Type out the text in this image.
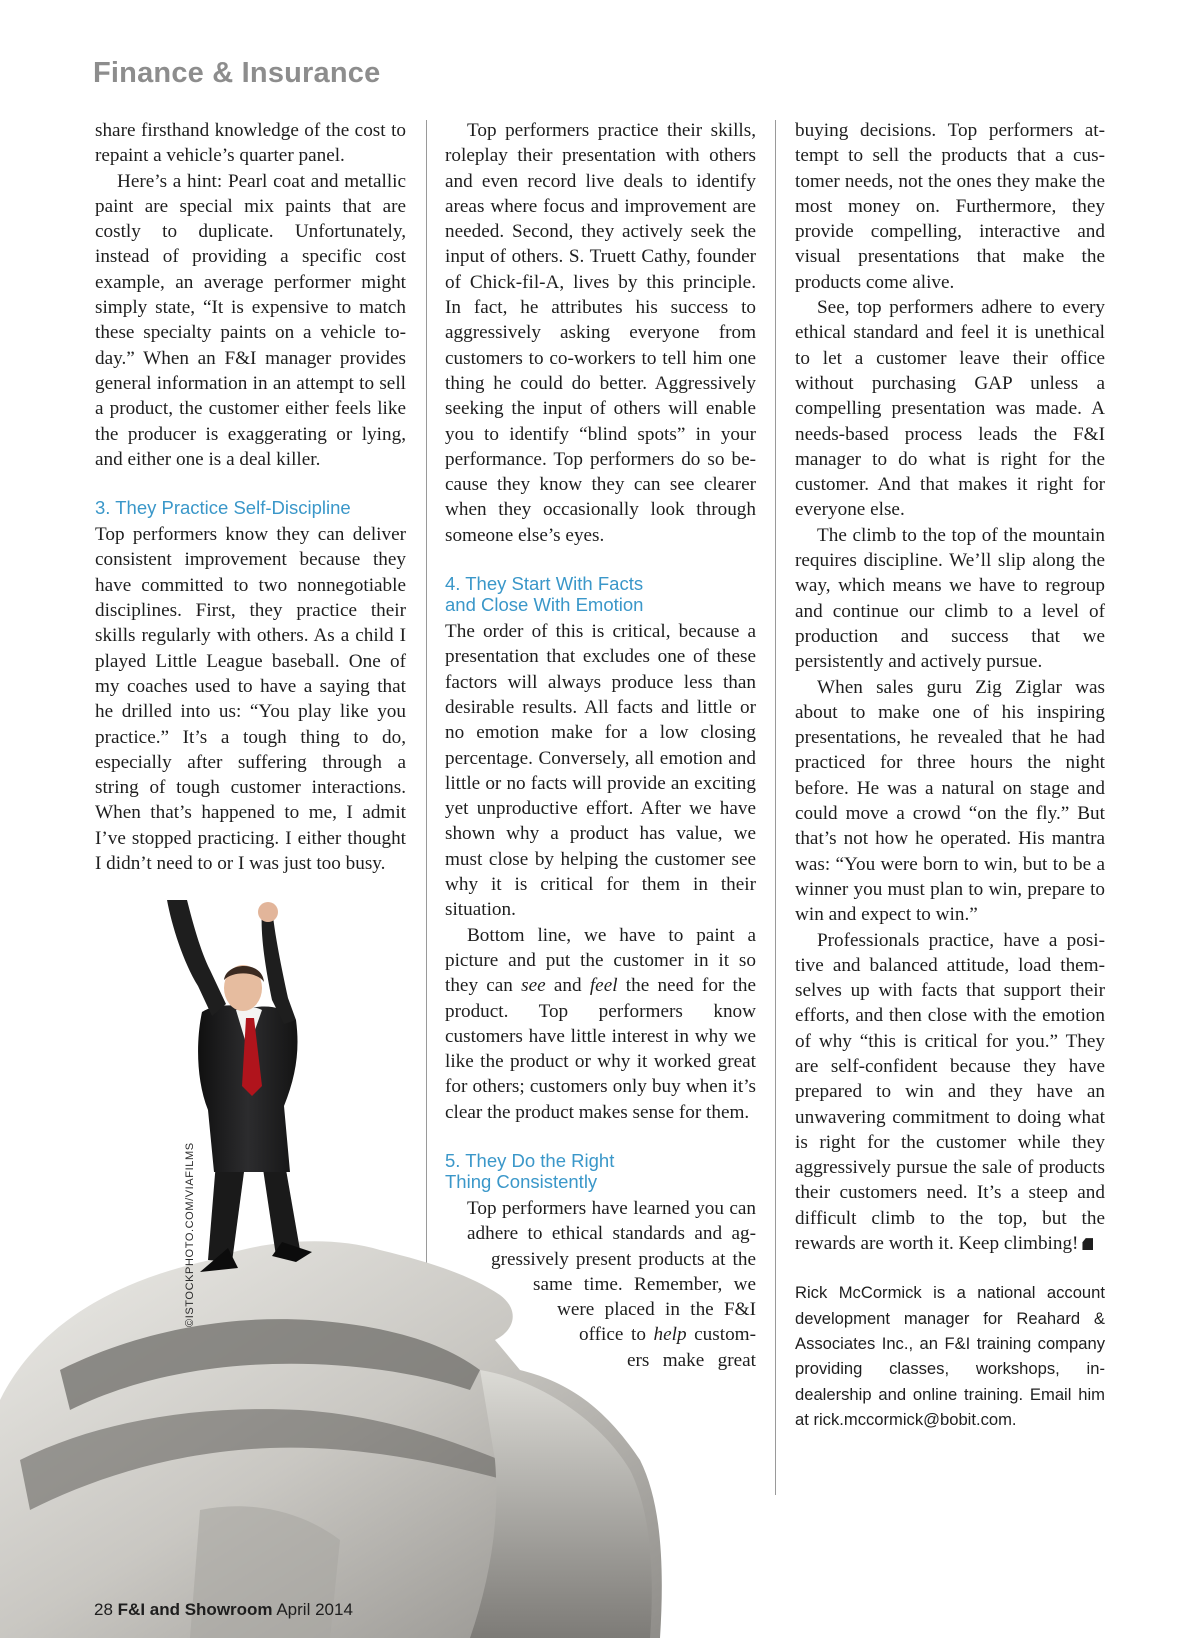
Finance & Insurance
©ISTOCKPHOTO.COM/VIAFILMS

share firsthand knowledge of the cost to repaint a vehicle’s quarter panel.

Here’s a hint: Pearl coat and metallic paint are special mix paints that are costly to duplicate. Unfortunately, instead of providing a specific cost example, an average performer might simply state, “It is expensive to match these specialty paints on a vehicle today.” When an F&I manager provides general information in an attempt to sell a product, the customer either feels like the producer is exaggerating or lying, and either one is a deal killer.

3. They Practice Self-Discipline

Top performers know they can deliver consistent improvement because they have committed to two nonnegotiable disciplines. First, they practice their skills regularly with others. As a child I played Little League baseball. One of my coaches used to have a saying that he drilled into us: “You play like you practice.” It’s a tough thing to do, especially after suffering through a string of tough customer interactions. When that’s happened to me, I admit I’ve stopped practicing. I either thought I didn’t need to or I was just too busy.

Top performers practice their skills, roleplay their presentation with others and even record live deals to identify areas where focus and improvement are needed. Second, they actively seek the input of others. S. Truett Cathy, founder of Chick-fil-A, lives by this principle. In fact, he attributes his success to aggressively asking everyone from customers to co-workers to tell him one thing he could do better. Aggressively seeking the input of others will enable you to identify “blind spots” in your performance. Top performers do so because they know they can see clearer when they occasionally look through someone else’s eyes.

4. They Start With Facts
and Close With Emotion

The order of this is critical, because a presentation that excludes one of these factors will always produce less than desirable results. All facts and little or no emotion make for a low closing percentage. Conversely, all emotion and little or no facts will provide an exciting yet unproductive effort. After we have shown why a product has value, we must close by helping the customer see why it is critical for them in their situation.

Bottom line, we have to paint a picture and put the customer in it so they can see and feel the need for the product. Top performers know customers have little interest in why we like the product or why it worked great for others; customers only buy when it’s clear the product makes sense for them.

5. They Do the Right
Thing Consistently

Top performers have learned you can
adhere to ethical standards and ag-
gressively present products at the
same time. Remember, we
were placed in the F&I
office to help custom-
ers make great

buying decisions. Top performers attempt to sell the products that a customer needs, not the ones they make the most money on. Furthermore, they provide compelling, interactive and visual presentations that make the products come alive.

See, top performers adhere to every ethical standard and feel it is unethical to let a customer leave their office without purchasing GAP unless a compelling presentation was made. A needs-based process leads the F&I manager to do what is right for the customer. And that makes it right for everyone else.

The climb to the top of the mountain requires discipline. We’ll slip along the way, which means we have to regroup and continue our climb to a level of production and success that we persistently and actively pursue.

When sales guru Zig Ziglar was about to make one of his inspiring presentations, he revealed that he had practiced for three hours the night before. He was a natural on stage and could move a crowd “on the fly.” But that’s not how he operated. His mantra was: “You were born to win, but to be a winner you must plan to win, prepare to win and expect to win.”

Professionals practice, have a positive and balanced attitude, load themselves up with facts that support their efforts, and then close with the emotion of why “this is critical for you.” They are self-confident because they have prepared to win and they have an unwavering commitment to doing what is right for the customer while they aggressively pursue the sale of products their customers need. It’s a steep and difficult climb to the top, but the rewards are worth it. Keep climbing!

Rick McCormick is a national account development manager for Reahard & Associates Inc., an F&I training company providing classes, workshops, in-dealership and online training. Email him at rick.mccormick@bobit.com.
28 F&I and Showroom April 2014
